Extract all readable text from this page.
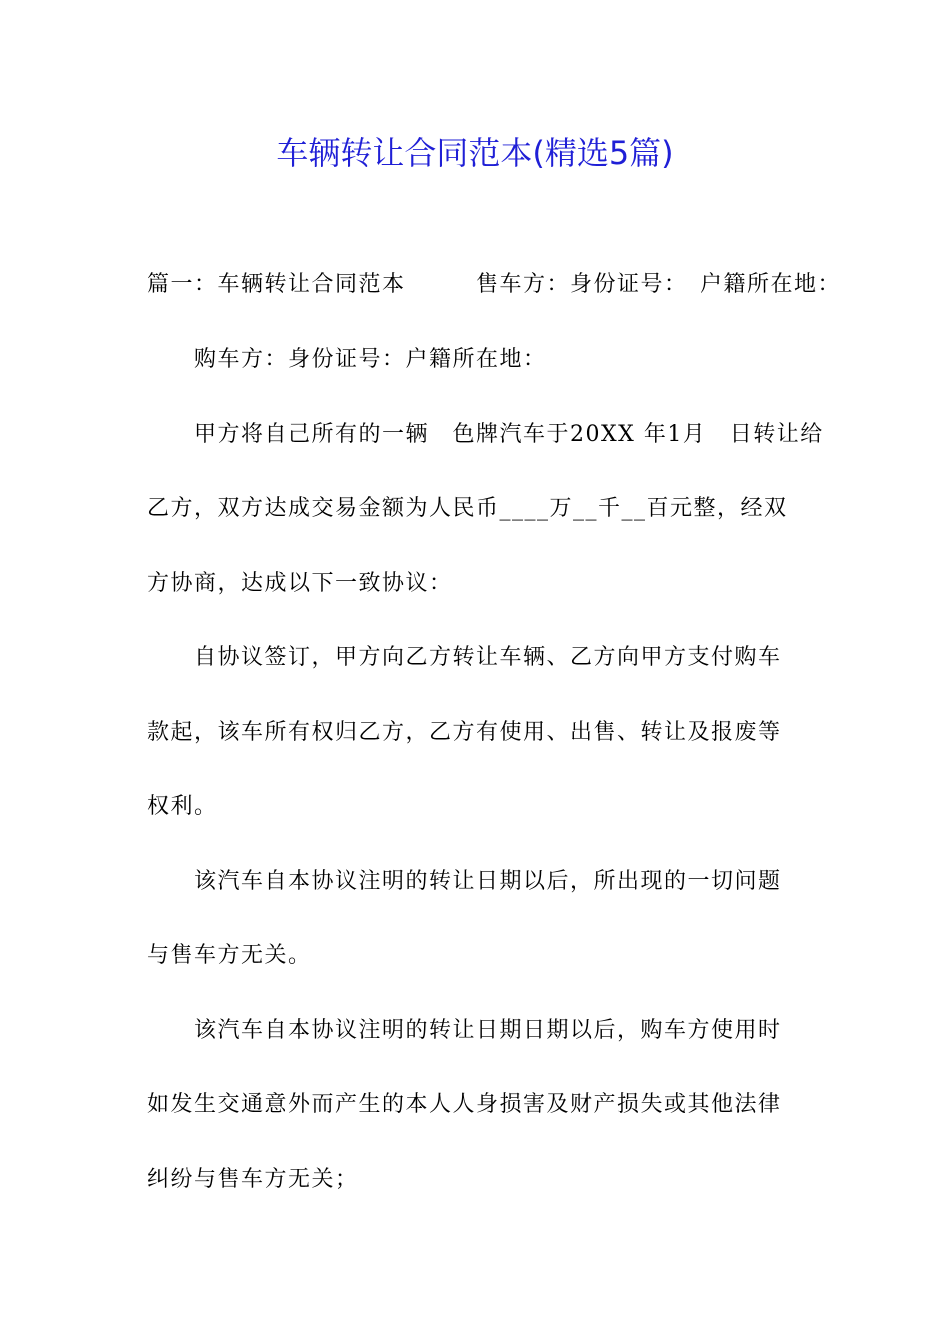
车辆转让合同范本(精选5篇)
篇一：车辆转让合同范本　　　售车方：身份证号：　户籍所在地：
　　购车方：身份证号：户籍所在地：
　　甲方将自己所有的一辆　色牌汽车于20XX 年1月　日转让给
乙方，双方达成交易金额为人民币____万__千__百元整，经双
方协商，达成以下一致协议：
　　自协议签订，甲方向乙方转让车辆、乙方向甲方支付购车
款起，该车所有权归乙方，乙方有使用、出售、转让及报废等
权利。
　　该汽车自本协议注明的转让日期以后，所出现的一切问题
与售车方无关。
　　该汽车自本协议注明的转让日期日期以后，购车方使用时
如发生交通意外而产生的本人人身损害及财产损失或其他法律
纠纷与售车方无关；
